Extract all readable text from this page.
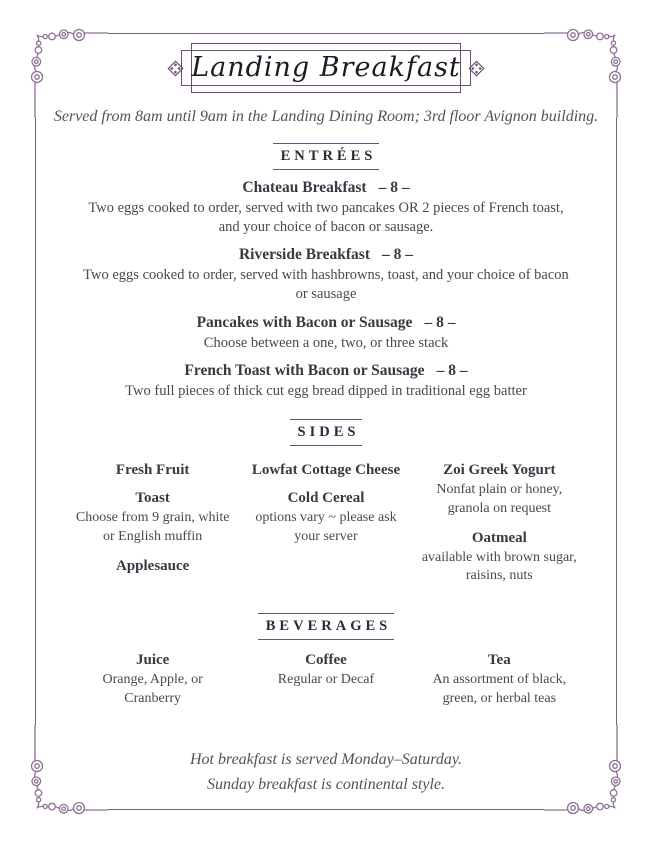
Landing Breakfast
Served from 8am until 9am in the Landing Dining Room; 3rd floor Avignon building.
ENTRÉES
Chateau Breakfast – 8 –
Two eggs cooked to order, served with two pancakes OR 2 pieces of French toast, and your choice of bacon or sausage.
Riverside Breakfast – 8 –
Two eggs cooked to order, served with hashbrowns, toast, and your choice of bacon or sausage
Pancakes with Bacon or Sausage – 8 –
Choose between a one, two, or three stack
French Toast with Bacon or Sausage – 8 –
Two full pieces of thick cut egg bread dipped in traditional egg batter
SIDES
Fresh Fruit
Toast
Choose from 9 grain, white or English muffin
Applesauce
Lowfat Cottage Cheese
Cold Cereal
options vary ~ please ask your server
Zoi Greek Yogurt
Nonfat plain or honey, granola on request
Oatmeal
available with brown sugar, raisins, nuts
BEVERAGES
Juice
Orange, Apple, or Cranberry
Coffee
Regular or Decaf
Tea
An assortment of black, green, or herbal teas
Hot breakfast is served Monday–Saturday.
Sunday breakfast is continental style.
